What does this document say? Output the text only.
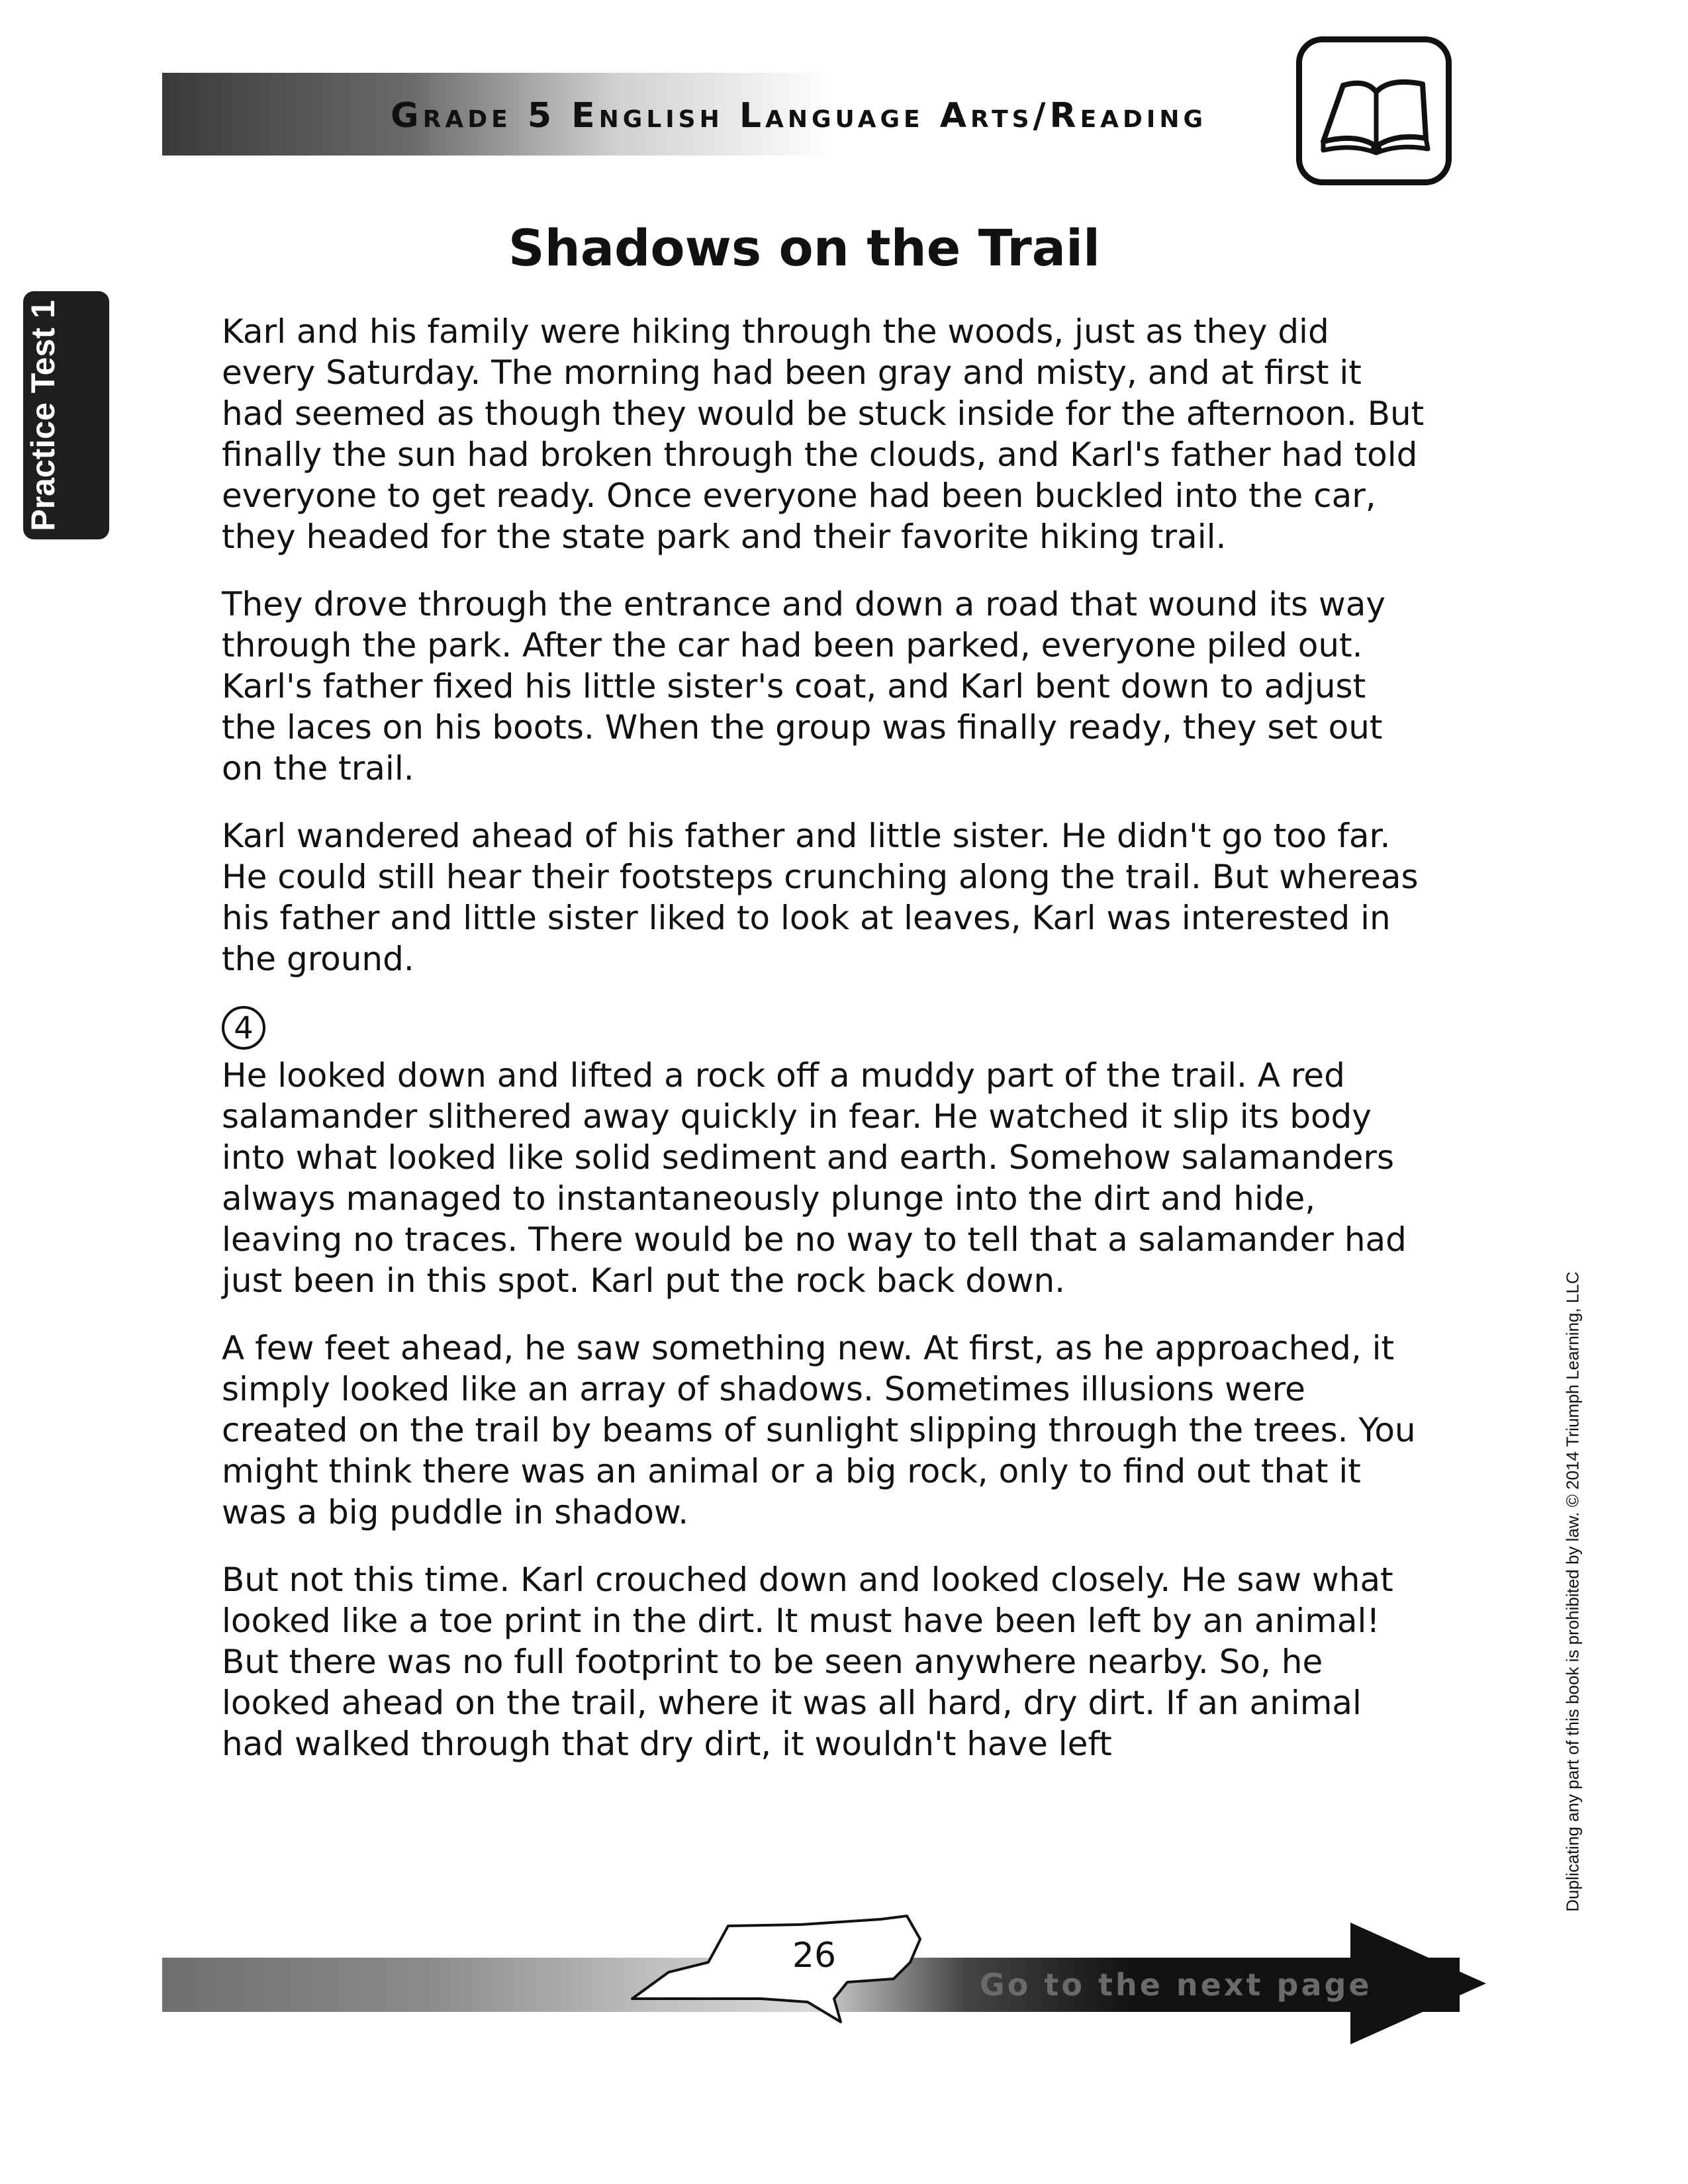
Grade 5 English Language Arts/Reading
Practice Test 1
Shadows on the Trail

Karl and his family were hiking through the woods, just as they did every Saturday. The morning had been gray and misty, and at first it had seemed as though they would be stuck inside for the afternoon. But finally the sun had broken through the clouds, and Karl's father had told everyone to get ready. Once everyone had been buckled into the car, they headed for the state park and their favorite hiking trail.

They drove through the entrance and down a road that wound its way through the park. After the car had been parked, everyone piled out. Karl's father fixed his little sister's coat, and Karl bent down to adjust the laces on his boots. When the group was finally ready, they set out on the trail.

Karl wandered ahead of his father and little sister. He didn't go too far. He could still hear their footsteps crunching along the trail. But whereas his father and little sister liked to look at leaves, Karl was interested in the ground.

4

He looked down and lifted a rock off a muddy part of the trail. A red salamander slithered away quickly in fear. He watched it slip its body into what looked like solid sediment and earth. Somehow salamanders always managed to instantaneously plunge into the dirt and hide, leaving no traces. There would be no way to tell that a salamander had just been in this spot. Karl put the rock back down.

A few feet ahead, he saw something new. At first, as he approached, it simply looked like an array of shadows. Sometimes illusions were created on the trail by beams of sunlight slipping through the trees. You might think there was an animal or a big rock, only to find out that it was a big puddle in shadow.

But not this time. Karl crouched down and looked closely. He saw what looked like a toe print in the dirt. It must have been left by an animal! But there was no full footprint to be seen anywhere nearby. So, he looked ahead on the trail, where it was all hard, dry dirt. If an animal had walked through that dry dirt, it wouldn't have left

26
Go to the next page
Duplicating any part of this book is prohibited by law. © 2014 Triumph Learning, LLC
